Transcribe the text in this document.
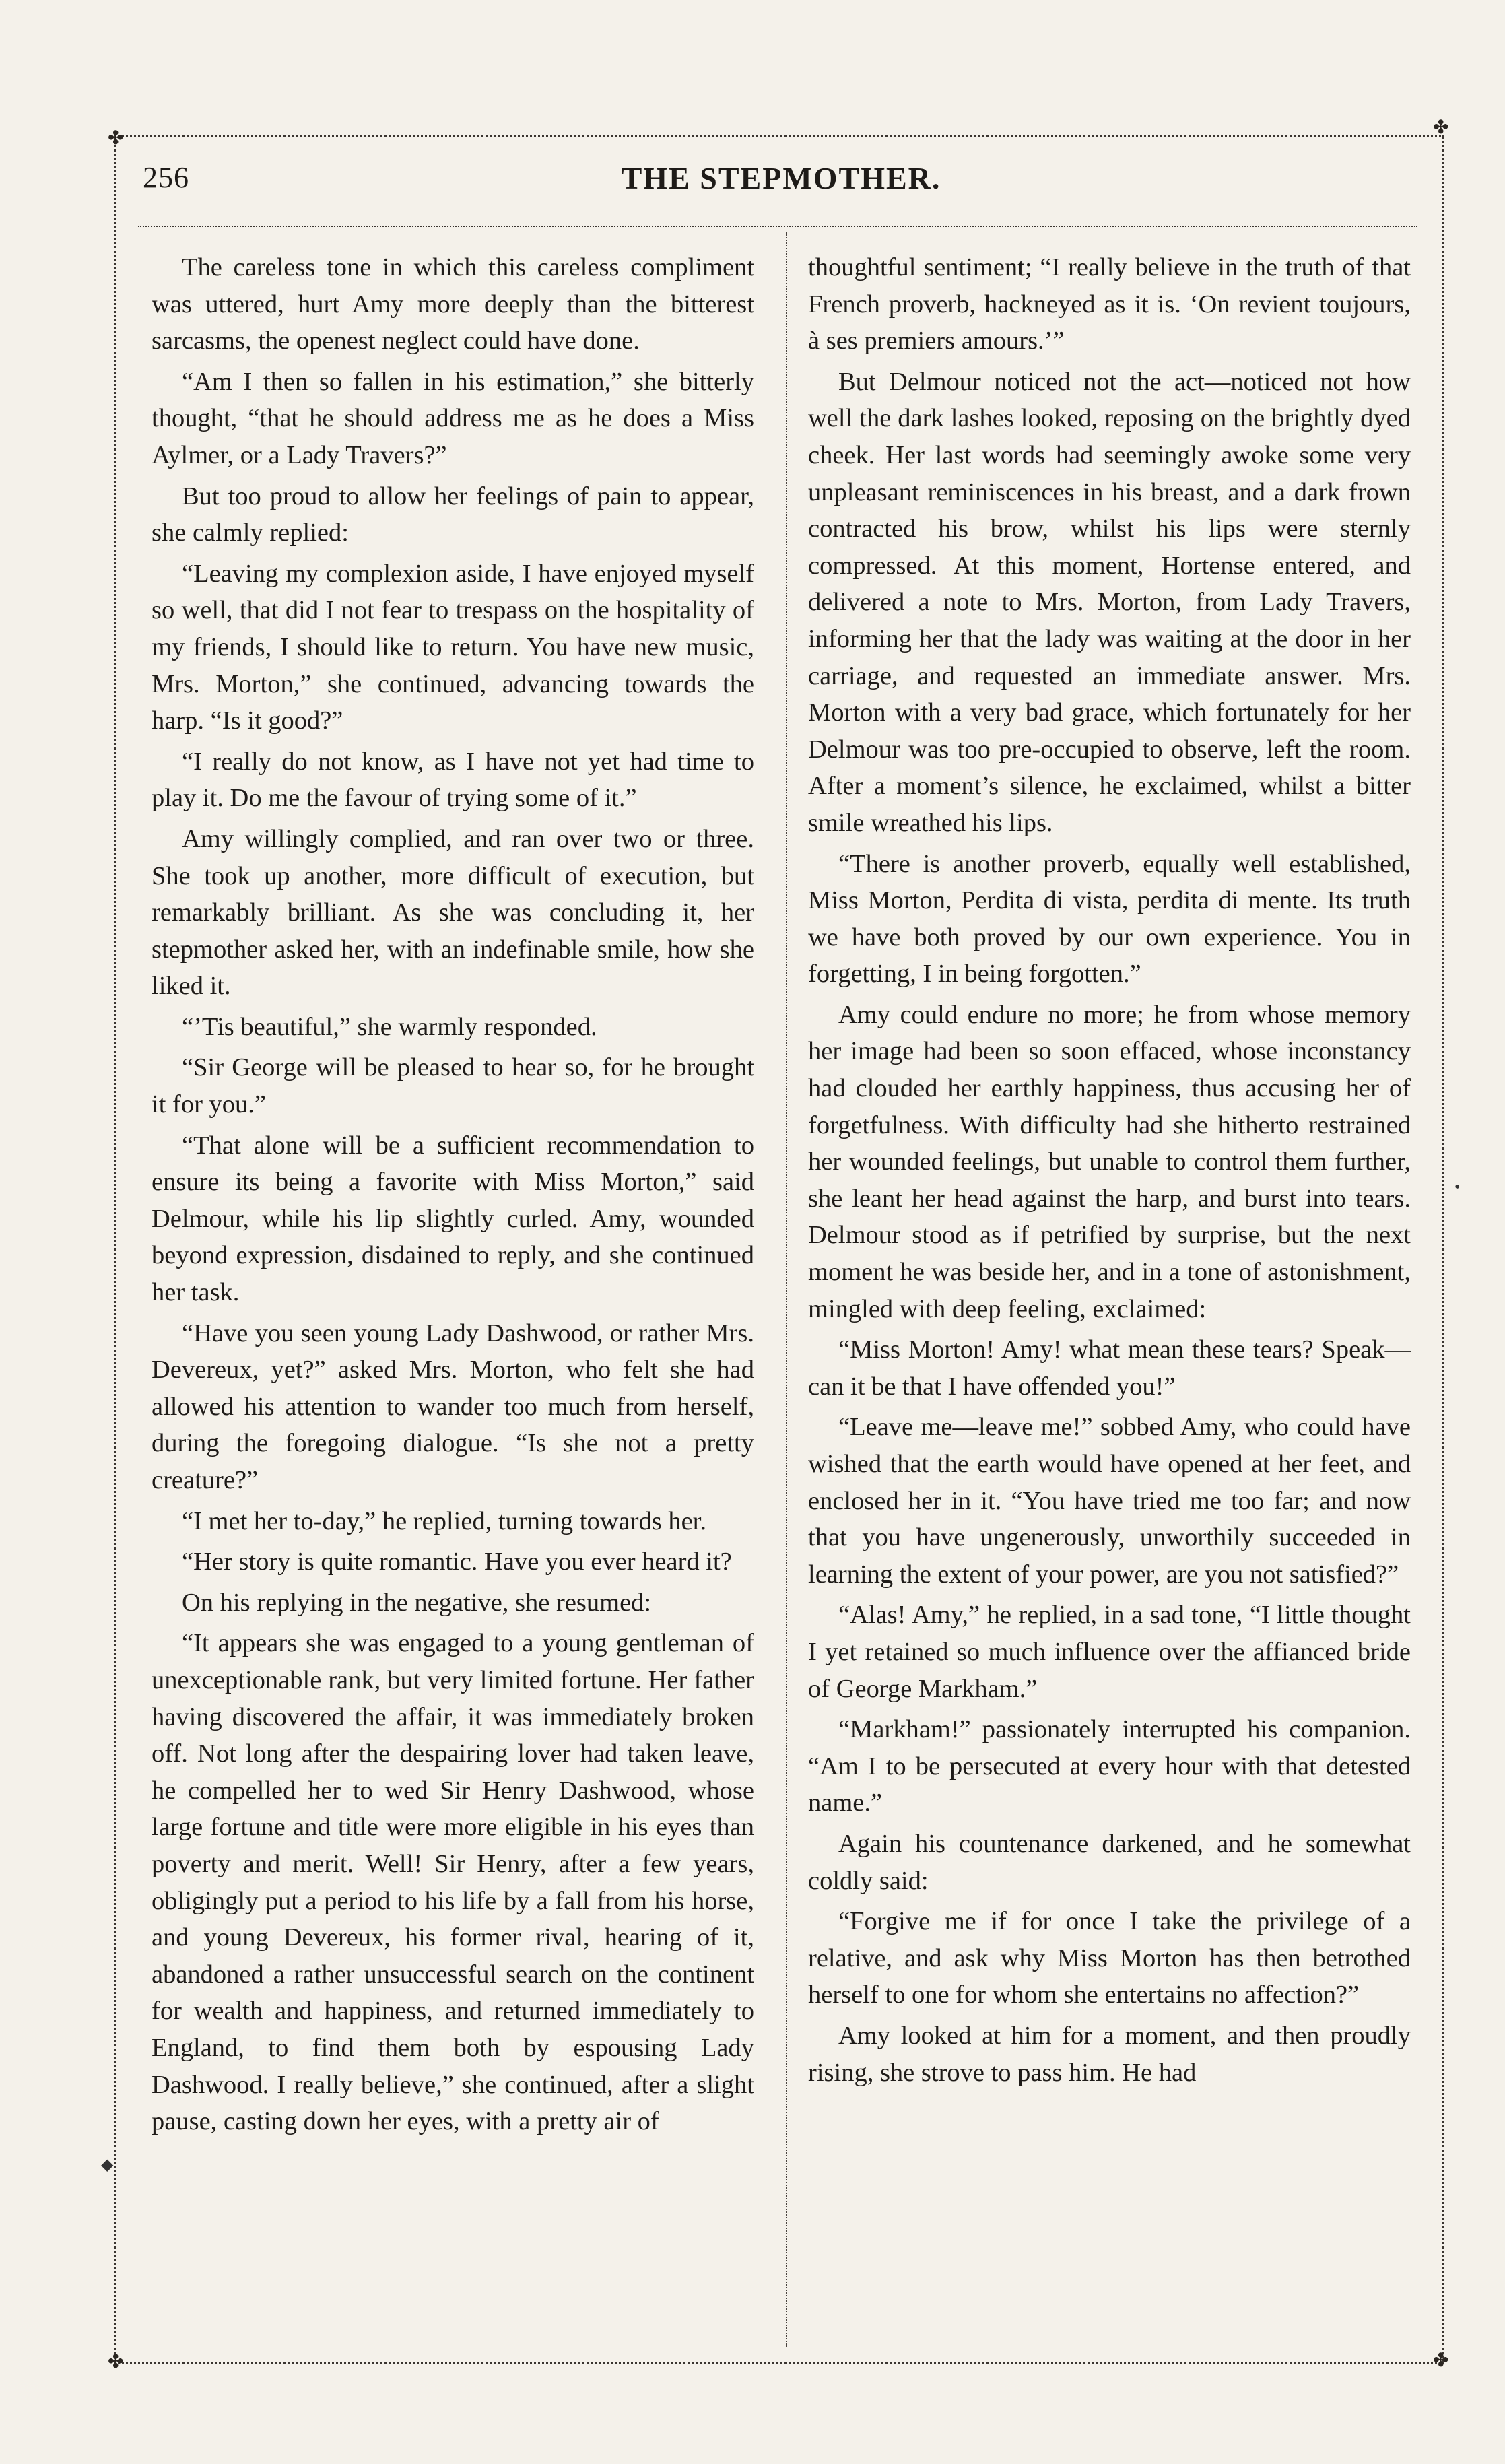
✤
✤
✤	✤
256	THE STEPMOTHER.

The careless tone in which this careless compliment was uttered, hurt Amy more deeply than the bitterest sarcasms, the openest neglect could have done.

“Am I then so fallen in his estimation,” she bitterly thought, “that he should address me as he does a Miss Aylmer, or a Lady Travers?”

But too proud to allow her feelings of pain to appear, she calmly replied:

“Leaving my complexion aside, I have enjoyed myself so well, that did I not fear to trespass on the hospitality of my friends, I should like to return. You have new music, Mrs. Morton,” she continued, advancing towards the harp. “Is it good?”

“I really do not know, as I have not yet had time to play it. Do me the favour of trying some of it.”

Amy willingly complied, and ran over two or three. She took up another, more difficult of execution, but remarkably brilliant. As she was concluding it, her stepmother asked her, with an indefinable smile, how she liked it.

“’Tis beautiful,” she warmly responded.

“Sir George will be pleased to hear so, for he brought it for you.”

“That alone will be a sufficient recommendation to ensure its being a favorite with Miss Morton,” said Delmour, while his lip slightly curled. Amy, wounded beyond expression, disdained to reply, and she continued her task.

“Have you seen young Lady Dashwood, or rather Mrs. Devereux, yet?” asked Mrs. Morton, who felt she had allowed his attention to wander too much from herself, during the foregoing dialogue. “Is she not a pretty creature?”

“I met her to-day,” he replied, turning towards her.

“Her story is quite romantic. Have you ever heard it?

On his replying in the negative, she resumed:

“It appears she was engaged to a young gentleman of unexceptionable rank, but very limited fortune. Her father having discovered the affair, it was immediately broken off. Not long after the despairing lover had taken leave, he compelled her to wed Sir Henry Dashwood, whose large fortune and title were more eligible in his eyes than poverty and merit. Well! Sir Henry, after a few years, obligingly put a period to his life by a fall from his horse, and young Devereux, his former rival, hearing of it, abandoned a rather unsuccessful search on the continent for wealth and happiness, and returned immediately to England, to find them both by espousing Lady Dashwood. I really believe,” she continued, after a slight pause, casting down her eyes, with a pretty air of

thoughtful sentiment; “I really believe in the truth of that French proverb, hackneyed as it is. ‘On revient toujours, à ses premiers amours.’”

But Delmour noticed not the act—noticed not how well the dark lashes looked, reposing on the brightly dyed cheek. Her last words had seemingly awoke some very unpleasant reminiscences in his breast, and a dark frown contracted his brow, whilst his lips were sternly compressed. At this moment, Hortense entered, and delivered a note to Mrs. Morton, from Lady Travers, informing her that the lady was waiting at the door in her carriage, and requested an immediate answer. Mrs. Morton with a very bad grace, which fortunately for her Delmour was too pre-occupied to observe, left the room. After a moment’s silence, he exclaimed, whilst a bitter smile wreathed his lips.

“There is another proverb, equally well established, Miss Morton, Perdita di vista, perdita di mente. Its truth we have both proved by our own experience. You in forgetting, I in being forgotten.”

Amy could endure no more; he from whose memory her image had been so soon effaced, whose inconstancy had clouded her earthly happiness, thus accusing her of forgetfulness. With difficulty had she hitherto restrained her wounded feelings, but unable to control them further, she leant her head against the harp, and burst into tears. Delmour stood as if petrified by surprise, but the next moment he was beside her, and in a tone of astonishment, mingled with deep feeling, exclaimed:

“Miss Morton! Amy! what mean these tears? Speak—can it be that I have offended you!”

“Leave me—leave me!” sobbed Amy, who could have wished that the earth would have opened at her feet, and enclosed her in it. “You have tried me too far; and now that you have ungenerously, unworthily succeeded in learning the extent of your power, are you not satisfied?”

“Alas! Amy,” he replied, in a sad tone, “I little thought I yet retained so much influence over the affianced bride of George Markham.”

“Markham!” passionately interrupted his companion. “Am I to be persecuted at every hour with that detested name.”

Again his countenance darkened, and he somewhat coldly said:

“Forgive me if for once I take the privilege of a relative, and ask why Miss Morton has then betrothed herself to one for whom she entertains no affection?”

Amy looked at him for a moment, and then proudly rising, she strove to pass him. He had

•
◆
